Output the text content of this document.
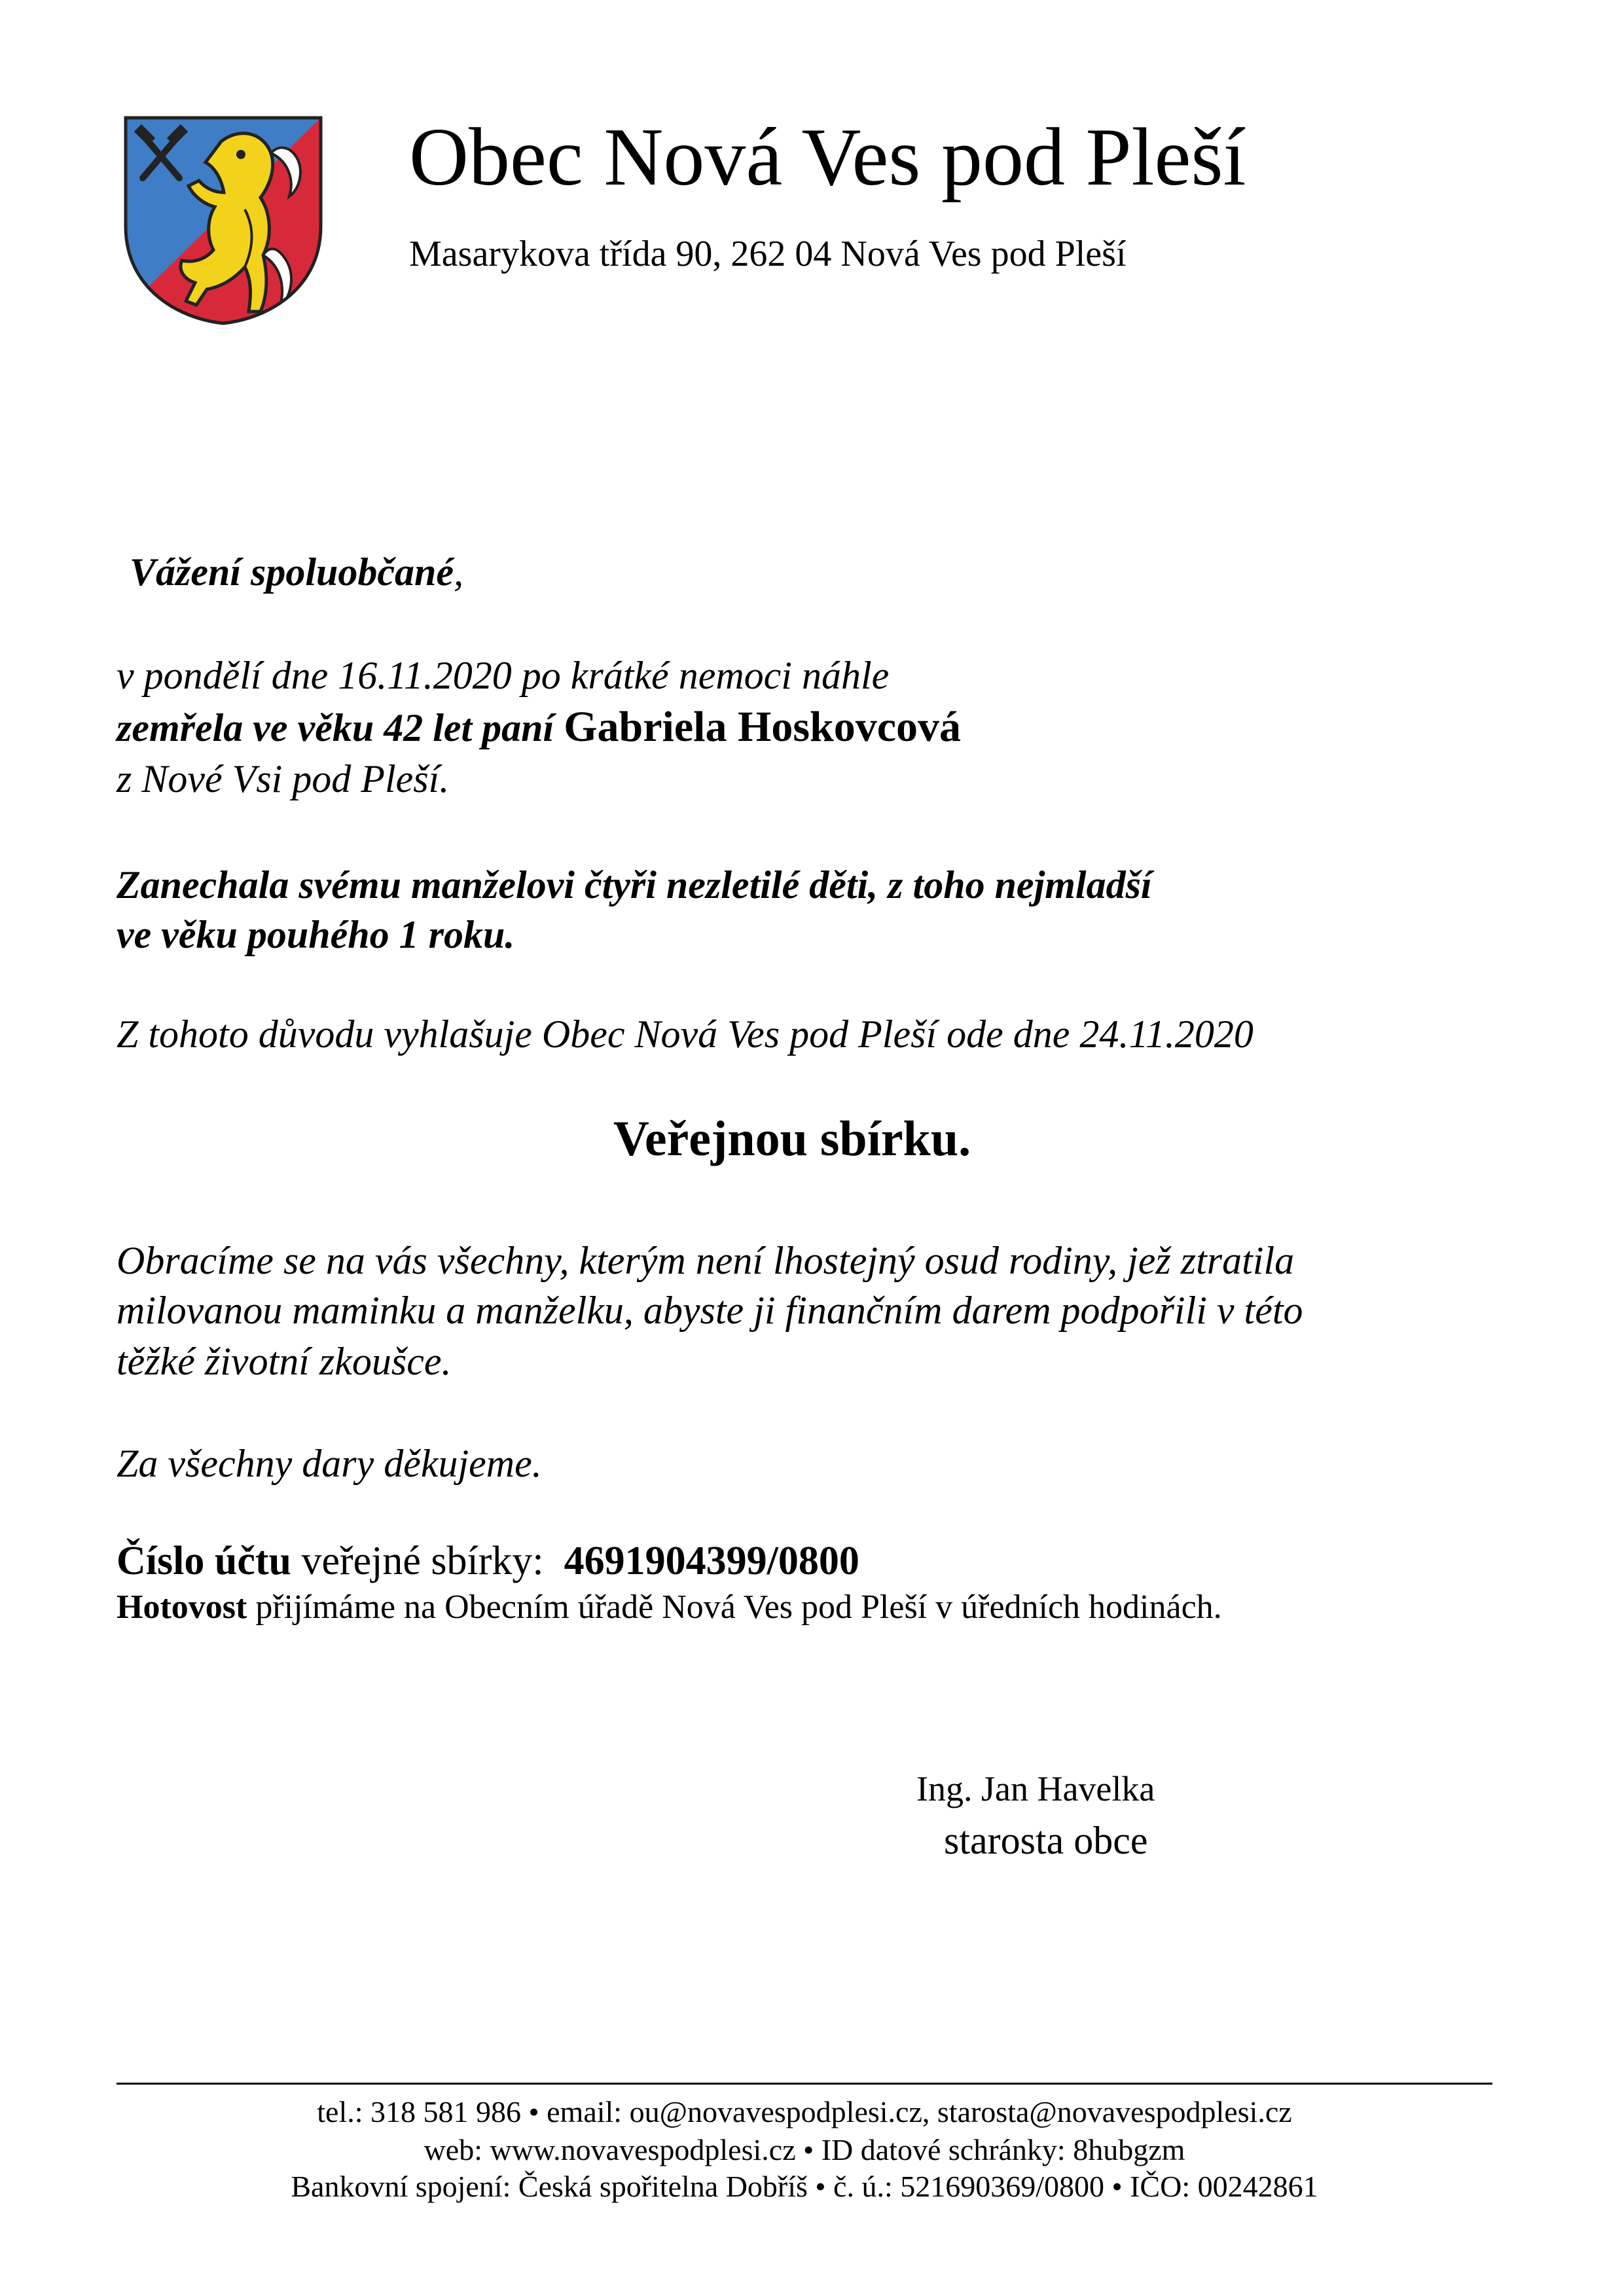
Obec Nová Ves pod Pleší
Masarykova třída 90, 262 04 Nová Ves pod Pleší
Vážení spoluobčané,
v pondělí dne 16.11.2020 po krátké nemoci náhle
zemřela ve věku 42 let paní Gabriela Hoskovcová
z Nové Vsi pod Pleší.
Zanechala svému manželovi čtyři nezletilé děti, z toho nejmladší
ve věku pouhého 1 roku.
Z tohoto důvodu vyhlašuje Obec Nová Ves pod Pleší ode dne 24.11.2020
Veřejnou sbírku.
Obracíme se na vás všechny, kterým není lhostejný osud rodiny, jež ztratila
milovanou maminku a manželku, abyste ji finančním darem podpořili v této
těžké životní zkoušce.
Za všechny dary děkujeme.
Číslo účtu veřejné sbírky:  4691904399/0800
Hotovost přijímáme na Obecním úřadě Nová Ves pod Pleší v úředních hodinách.
Ing. Jan Havelka
starosta obce
tel.: 318 581 986 • email: ou@novavespodplesi.cz, starosta@novavespodplesi.cz
web: www.novavespodplesi.cz • ID datové schránky: 8hubgzm
Bankovní spojení: Česká spořitelna Dobříš • č. ú.: 521690369/0800 • IČO: 00242861
